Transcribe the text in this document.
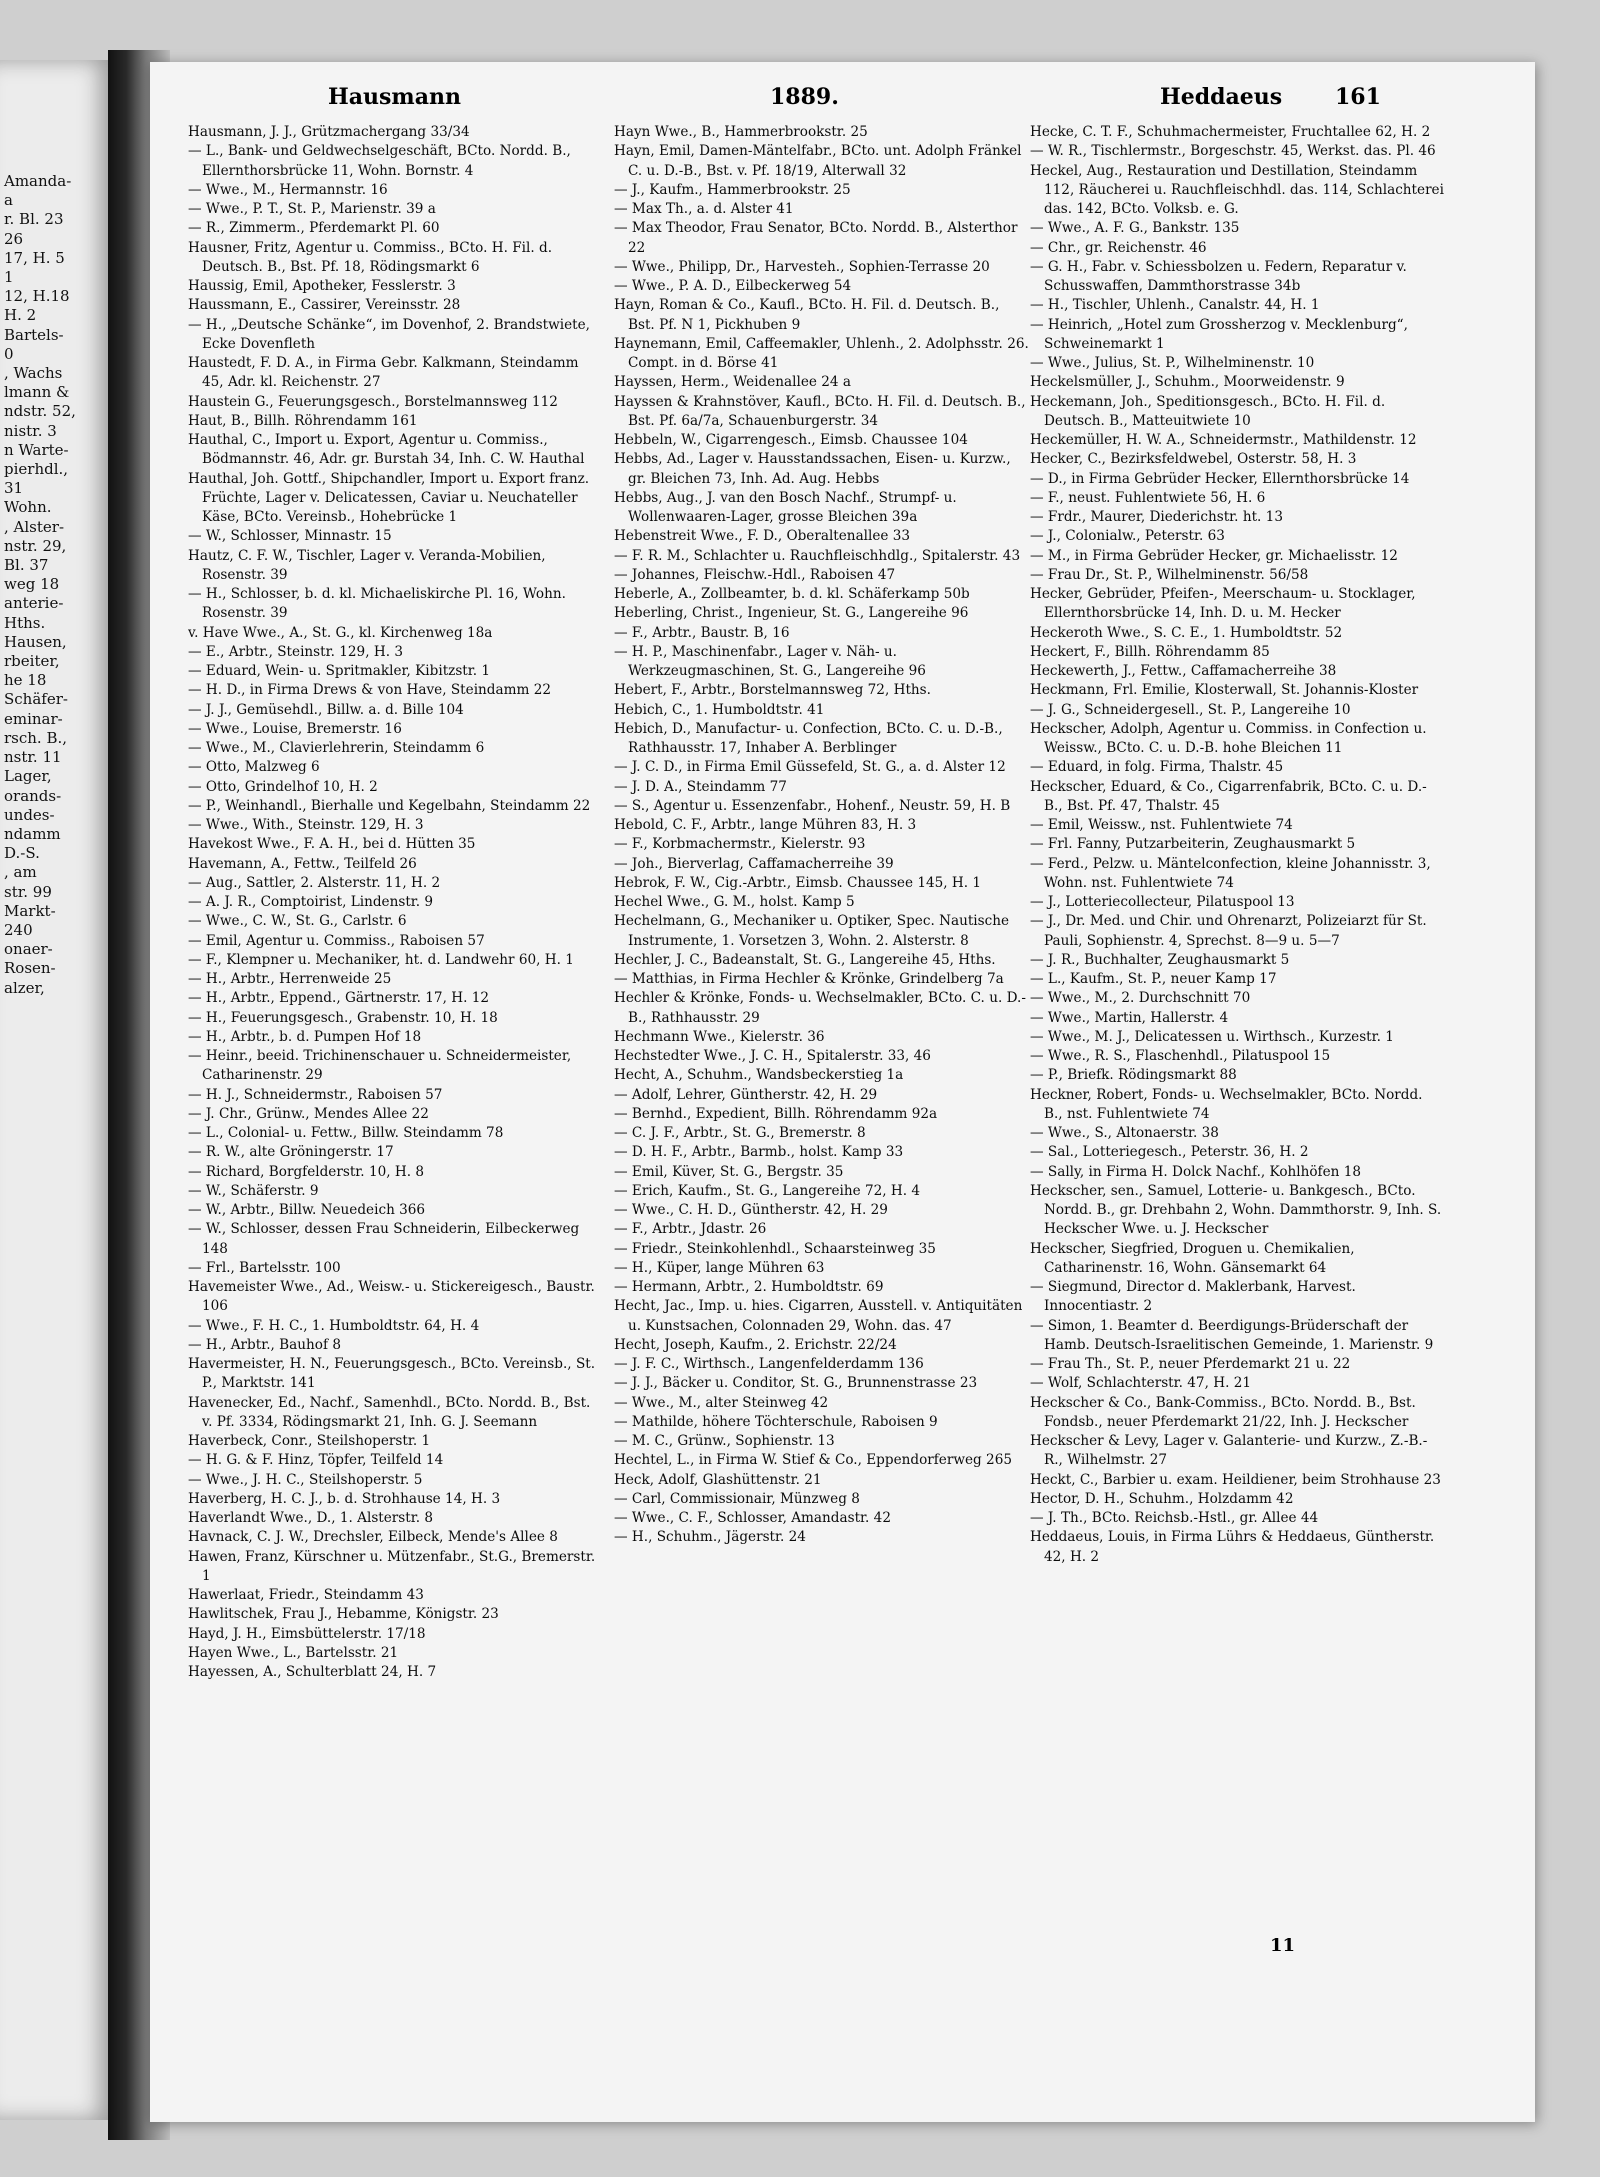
Amanda-
a
r. Bl. 23
26
17, H. 5
1
12, H.18
H. 2
Bartels-
0
, Wachs
lmann &
ndstr. 52,
nistr. 3
n Warte-
pierhdl.,
31
Wohn.
, Alster-
nstr. 29,
Bl. 37
weg 18
anterie-
Hths.
Hausen,
rbeiter,
he 18
Schäfer-
eminar-
rsch. B.,
nstr. 11
Lager,
orands-
undes-
ndamm
D.-S.
, am
str. 99
Markt-
240
onaer-
Rosen-
alzer,
Hausmann	1889.	Heddaeus 161

Hausmann, J. J., Grützmachergang 33/34

— L., Bank- und Geldwechselgeschäft, BCto. Nordd. B., Ellernthorsbrücke 11, Wohn. Bornstr. 4

— Wwe., M., Hermannstr. 16

— Wwe., P. T., St. P., Marienstr. 39 a

— R., Zimmerm., Pferdemarkt Pl. 60

Hausner, Fritz, Agentur u. Commiss., BCto. H. Fil. d. Deutsch. B., Bst. Pf. 18, Rödingsmarkt 6

Haussig, Emil, Apotheker, Fesslerstr. 3

Haussmann, E., Cassirer, Vereinsstr. 28

— H., „Deutsche Schänke“, im Dovenhof, 2. Brandstwiete, Ecke Dovenfleth

Haustedt, F. D. A., in Firma Gebr. Kalkmann, Steindamm 45, Adr. kl. Reichenstr. 27

Haustein G., Feuerungsgesch., Borstelmannsweg 112

Haut, B., Billh. Röhrendamm 161

Hauthal, C., Import u. Export, Agentur u. Commiss., Bödmannstr. 46, Adr. gr. Burstah 34, Inh. C. W. Hauthal

Hauthal, Joh. Gottf., Shipchandler, Import u. Export franz. Früchte, Lager v. Delicatessen, Caviar u. Neuchateller Käse, BCto. Vereinsb., Hohebrücke 1

— W., Schlosser, Minnastr. 15

Hautz, C. F. W., Tischler, Lager v. Veranda-Mobilien, Rosenstr. 39

— H., Schlosser, b. d. kl. Michaeliskirche Pl. 16, Wohn. Rosenstr. 39

v. Have Wwe., A., St. G., kl. Kirchenweg 18a

— E., Arbtr., Steinstr. 129, H. 3

— Eduard, Wein- u. Spritmakler, Kibitzstr. 1

— H. D., in Firma Drews & von Have, Steindamm 22

— J. J., Gemüsehdl., Billw. a. d. Bille 104

— Wwe., Louise, Bremerstr. 16

— Wwe., M., Clavierlehrerin, Steindamm 6

— Otto, Malzweg 6

— Otto, Grindelhof 10, H. 2

— P., Weinhandl., Bierhalle und Kegelbahn, Steindamm 22

— Wwe., With., Steinstr. 129, H. 3

Havekost Wwe., F. A. H., bei d. Hütten 35

Havemann, A., Fettw., Teilfeld 26

— Aug., Sattler, 2. Alsterstr. 11, H. 2

— A. J. R., Comptoirist, Lindenstr. 9

— Wwe., C. W., St. G., Carlstr. 6

— Emil, Agentur u. Commiss., Raboisen 57

— F., Klempner u. Mechaniker, ht. d. Landwehr 60, H. 1

— H., Arbtr., Herrenweide 25

— H., Arbtr., Eppend., Gärtnerstr. 17, H. 12

— H., Feuerungsgesch., Grabenstr. 10, H. 18

— H., Arbtr., b. d. Pumpen Hof 18

— Heinr., beeid. Trichinenschauer u. Schneidermeister, Catharinenstr. 29

— H. J., Schneidermstr., Raboisen 57

— J. Chr., Grünw., Mendes Allee 22

— L., Colonial- u. Fettw., Billw. Steindamm 78

— R. W., alte Gröningerstr. 17

— Richard, Borgfelderstr. 10, H. 8

— W., Schäferstr. 9

— W., Arbtr., Billw. Neuedeich 366

— W., Schlosser, dessen Frau Schneiderin, Eilbeckerweg 148

— Frl., Bartelsstr. 100

Havemeister Wwe., Ad., Weisw.- u. Stickereigesch., Baustr. 106

— Wwe., F. H. C., 1. Humboldtstr. 64, H. 4

— H., Arbtr., Bauhof 8

Havermeister, H. N., Feuerungsgesch., BCto. Vereinsb., St. P., Marktstr. 141

Havenecker, Ed., Nachf., Samenhdl., BCto. Nordd. B., Bst. v. Pf. 3334, Rödingsmarkt 21, Inh. G. J. Seemann

Haverbeck, Conr., Steilshoperstr. 1

— H. G. & F. Hinz, Töpfer, Teilfeld 14

— Wwe., J. H. C., Steilshoperstr. 5

Haverberg, H. C. J., b. d. Strohhause 14, H. 3

Haverlandt Wwe., D., 1. Alsterstr. 8

Havnack, C. J. W., Drechsler, Eilbeck, Mende's Allee 8

Hawen, Franz, Kürschner u. Mützenfabr., St.G., Bremerstr. 1

Hawerlaat, Friedr., Steindamm 43

Hawlitschek, Frau J., Hebamme, Königstr. 23

Hayd, J. H., Eimsbüttelerstr. 17/18

Hayen Wwe., L., Bartelsstr. 21

Hayessen, A., Schulterblatt 24, H. 7

Hayn Wwe., B., Hammerbrookstr. 25

Hayn, Emil, Damen-Mäntelfabr., BCto. unt. Adolph Fränkel C. u. D.-B., Bst. v. Pf. 18/19, Alterwall 32

— J., Kaufm., Hammerbrookstr. 25

— Max Th., a. d. Alster 41

— Max Theodor, Frau Senator, BCto. Nordd. B., Alsterthor 22

— Wwe., Philipp, Dr., Harvesteh., Sophien-Terrasse 20

— Wwe., P. A. D., Eilbeckerweg 54

Hayn, Roman & Co., Kaufl., BCto. H. Fil. d. Deutsch. B., Bst. Pf. N 1, Pickhuben 9

Haynemann, Emil, Caffeemakler, Uhlenh., 2. Adolphsstr. 26. Compt. in d. Börse 41

Hayssen, Herm., Weidenallee 24 a

Hayssen & Krahnstöver, Kaufl., BCto. H. Fil. d. Deutsch. B., Bst. Pf. 6a/7a, Schauenburgerstr. 34

Hebbeln, W., Cigarrengesch., Eimsb. Chaussee 104

Hebbs, Ad., Lager v. Hausstandssachen, Eisen- u. Kurzw., gr. Bleichen 73, Inh. Ad. Aug. Hebbs

Hebbs, Aug., J. van den Bosch Nachf., Strumpf- u. Wollenwaaren-Lager, grosse Bleichen 39a

Hebenstreit Wwe., F. D., Oberaltenallee 33

— F. R. M., Schlachter u. Rauchfleischhdlg., Spitalerstr. 43

— Johannes, Fleischw.-Hdl., Raboisen 47

Heberle, A., Zollbeamter, b. d. kl. Schäferkamp 50b

Heberling, Christ., Ingenieur, St. G., Langereihe 96

— F., Arbtr., Baustr. B, 16

— H. P., Maschinenfabr., Lager v. Näh- u. Werkzeugmaschinen, St. G., Langereihe 96

Hebert, F., Arbtr., Borstelmannsweg 72, Hths.

Hebich, C., 1. Humboldtstr. 41

Hebich, D., Manufactur- u. Confection, BCto. C. u. D.-B., Rathhausstr. 17, Inhaber A. Berblinger

— J. C. D., in Firma Emil Güssefeld, St. G., a. d. Alster 12

— J. D. A., Steindamm 77

— S., Agentur u. Essenzenfabr., Hohenf., Neustr. 59, H. B

Hebold, C. F., Arbtr., lange Mühren 83, H. 3

— F., Korbmachermstr., Kielerstr. 93

— Joh., Bierverlag, Caffamacherreihe 39

Hebrok, F. W., Cig.-Arbtr., Eimsb. Chaussee 145, H. 1

Hechel Wwe., G. M., holst. Kamp 5

Hechelmann, G., Mechaniker u. Optiker, Spec. Nautische Instrumente, 1. Vorsetzen 3, Wohn. 2. Alsterstr. 8

Hechler, J. C., Badeanstalt, St. G., Langereihe 45, Hths.

— Matthias, in Firma Hechler & Krönke, Grindelberg 7a

Hechler & Krönke, Fonds- u. Wechselmakler, BCto. C. u. D.-B., Rathhausstr. 29

Hechmann Wwe., Kielerstr. 36

Hechstedter Wwe., J. C. H., Spitalerstr. 33, 46

Hecht, A., Schuhm., Wandsbeckerstieg 1a

— Adolf, Lehrer, Güntherstr. 42, H. 29

— Bernhd., Expedient, Billh. Röhrendamm 92a

— C. J. F., Arbtr., St. G., Bremerstr. 8

— D. H. F., Arbtr., Barmb., holst. Kamp 33

— Emil, Küver, St. G., Bergstr. 35

— Erich, Kaufm., St. G., Langereihe 72, H. 4

— Wwe., C. H. D., Güntherstr. 42, H. 29

— F., Arbtr., Jdastr. 26

— Friedr., Steinkohlenhdl., Schaarsteinweg 35

— H., Küper, lange Mühren 63

— Hermann, Arbtr., 2. Humboldtstr. 69

Hecht, Jac., Imp. u. hies. Cigarren, Ausstell. v. Antiquitäten u. Kunstsachen, Colonnaden 29, Wohn. das. 47

Hecht, Joseph, Kaufm., 2. Erichstr. 22/24

— J. F. C., Wirthsch., Langenfelderdamm 136

— J. J., Bäcker u. Conditor, St. G., Brunnenstrasse 23

— Wwe., M., alter Steinweg 42

— Mathilde, höhere Töchterschule, Raboisen 9

— M. C., Grünw., Sophienstr. 13

Hechtel, L., in Firma W. Stief & Co., Eppendorferweg 265

Heck, Adolf, Glashüttenstr. 21

— Carl, Commissionair, Münzweg 8

— Wwe., C. F., Schlosser, Amandastr. 42

— H., Schuhm., Jägerstr. 24

Hecke, C. T. F., Schuhmachermeister, Fruchtallee 62, H. 2

— W. R., Tischlermstr., Borgeschstr. 45, Werkst. das. Pl. 46

Heckel, Aug., Restauration und Destillation, Steindamm 112, Räucherei u. Rauchfleischhdl. das. 114, Schlachterei das. 142, BCto. Volksb. e. G.

— Wwe., A. F. G., Bankstr. 135

— Chr., gr. Reichenstr. 46

— G. H., Fabr. v. Schiessbolzen u. Federn, Reparatur v. Schusswaffen, Dammthorstrasse 34b

— H., Tischler, Uhlenh., Canalstr. 44, H. 1

— Heinrich, „Hotel zum Grossherzog v. Mecklenburg“, Schweinemarkt 1

— Wwe., Julius, St. P., Wilhelminenstr. 10

Heckelsmüller, J., Schuhm., Moorweidenstr. 9

Heckemann, Joh., Speditionsgesch., BCto. H. Fil. d. Deutsch. B., Matteuitwiete 10

Heckemüller, H. W. A., Schneidermstr., Mathildenstr. 12

Hecker, C., Bezirksfeldwebel, Osterstr. 58, H. 3

— D., in Firma Gebrüder Hecker, Ellernthorsbrücke 14

— F., neust. Fuhlentwiete 56, H. 6

— Frdr., Maurer, Diederichstr. ht. 13

— J., Colonialw., Peterstr. 63

— M., in Firma Gebrüder Hecker, gr. Michaelisstr. 12

— Frau Dr., St. P., Wilhelminenstr. 56/58

Hecker, Gebrüder, Pfeifen-, Meerschaum- u. Stocklager, Ellernthorsbrücke 14, Inh. D. u. M. Hecker

Heckeroth Wwe., S. C. E., 1. Humboldtstr. 52

Heckert, F., Billh. Röhrendamm 85

Heckewerth, J., Fettw., Caffamacherreihe 38

Heckmann, Frl. Emilie, Klosterwall, St. Johannis-Kloster

— J. G., Schneidergesell., St. P., Langereihe 10

Heckscher, Adolph, Agentur u. Commiss. in Confection u. Weissw., BCto. C. u. D.-B. hohe Bleichen 11

— Eduard, in folg. Firma, Thalstr. 45

Heckscher, Eduard, & Co., Cigarrenfabrik, BCto. C. u. D.-B., Bst. Pf. 47, Thalstr. 45

— Emil, Weissw., nst. Fuhlentwiete 74

— Frl. Fanny, Putzarbeiterin, Zeughausmarkt 5

— Ferd., Pelzw. u. Mäntelconfection, kleine Johannisstr. 3, Wohn. nst. Fuhlentwiete 74

— J., Lotteriecollecteur, Pilatuspool 13

— J., Dr. Med. und Chir. und Ohrenarzt, Polizeiarzt für St. Pauli, Sophienstr. 4, Sprechst. 8—9 u. 5—7

— J. R., Buchhalter, Zeughausmarkt 5

— L., Kaufm., St. P., neuer Kamp 17

— Wwe., M., 2. Durchschnitt 70

— Wwe., Martin, Hallerstr. 4

— Wwe., M. J., Delicatessen u. Wirthsch., Kurzestr. 1

— Wwe., R. S., Flaschenhdl., Pilatuspool 15

— P., Briefk. Rödingsmarkt 88

Heckner, Robert, Fonds- u. Wechselmakler, BCto. Nordd. B., nst. Fuhlentwiete 74

— Wwe., S., Altonaerstr. 38

— Sal., Lotteriegesch., Peterstr. 36, H. 2

— Sally, in Firma H. Dolck Nachf., Kohlhöfen 18

Heckscher, sen., Samuel, Lotterie- u. Bankgesch., BCto. Nordd. B., gr. Drehbahn 2, Wohn. Dammthorstr. 9, Inh. S. Heckscher Wwe. u. J. Heckscher

Heckscher, Siegfried, Droguen u. Chemikalien, Catharinenstr. 16, Wohn. Gänsemarkt 64

— Siegmund, Director d. Maklerbank, Harvest. Innocentiastr. 2

— Simon, 1. Beamter d. Beerdigungs-Brüderschaft der Hamb. Deutsch-Israelitischen Gemeinde, 1. Marienstr. 9

— Frau Th., St. P., neuer Pferdemarkt 21 u. 22

— Wolf, Schlachterstr. 47, H. 21

Heckscher & Co., Bank-Commiss., BCto. Nordd. B., Bst. Fondsb., neuer Pferdemarkt 21/22, Inh. J. Heckscher

Heckscher & Levy, Lager v. Galanterie- und Kurzw., Z.-B.-R., Wilhelmstr. 27

Heckt, C., Barbier u. exam. Heildiener, beim Strohhause 23

Hector, D. H., Schuhm., Holzdamm 42

— J. Th., BCto. Reichsb.-Hstl., gr. Allee 44

Heddaeus, Louis, in Firma Lührs & Heddaeus, Güntherstr. 42, H. 2

11
